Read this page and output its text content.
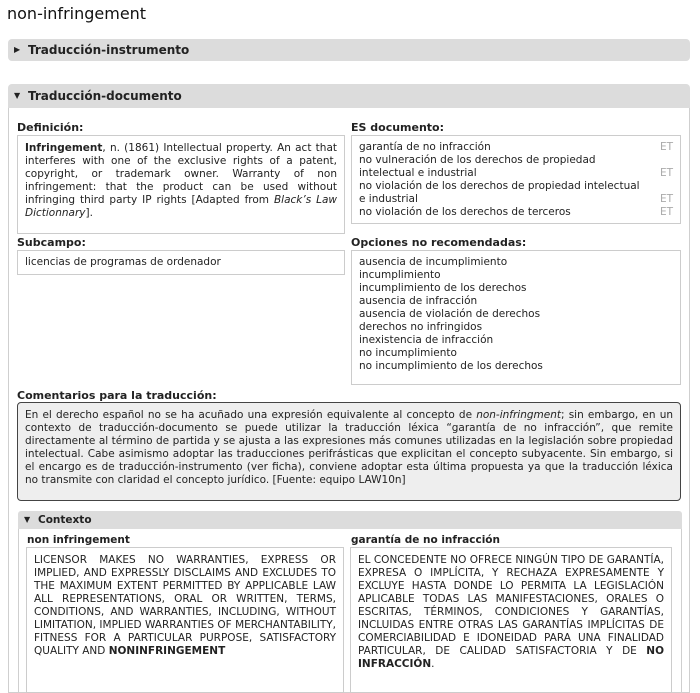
non-infringement
▶ Traducción-instrumento
▼ Traducción-documento
Definición:
Infringement, n. (1861) Intellectual property. An act that interferes with one of the exclusive rights of a patent, copyright, or trademark owner. Warranty of non infringement: that the product can be used without infringing third party IP rights [Adapted from Black’s Law Dictionnary].
ES documento:
garantía de no infracción	ET
no vulneración de los derechos de propiedad intelectual e industrial	ET
no violación de los derechos de propiedad intelectual e industrial	ET
no violación de los derechos de terceros	ET
Subcampo:
licencias de programas de ordenador
Opciones no recomendadas:
ausencia de incumplimiento
incumplimiento
incumplimiento de los derechos
ausencia de infracción
ausencia de violación de derechos
derechos no infringidos
inexistencia de infracción
no incumplimiento
no incumplimiento de los derechos
Comentarios para la traducción:
En el derecho español no se ha acuñado una expresión equivalente al concepto de non-infringment; sin embargo, en un contexto de traducción-documento se puede utilizar la traducción léxica “garantía de no infracción”, que remite directamente al término de partida y se ajusta a las expresiones más comunes utilizadas en la legislación sobre propiedad intelectual. Cabe asimismo adoptar las traducciones perifrásticas que explicitan el concepto subyacente. Sin embargo, si el encargo es de traducción-instrumento (ver ficha), conviene adoptar esta última propuesta ya que la traducción léxica no transmite con claridad el concepto jurídico. [Fuente: equipo LAW10n]
▼ Contexto
non infringement
LICENSOR MAKES NO WARRANTIES, EXPRESS OR IMPLIED, AND EXPRESSLY DISCLAIMS AND EXCLUDES TO THE MAXIMUM EXTENT PERMITTED BY APPLICABLE LAW ALL REPRESENTATIONS, ORAL OR WRITTEN, TERMS, CONDITIONS, AND WARRANTIES, INCLUDING, WITHOUT LIMITATION, IMPLIED WARRANTIES OF MERCHANTABILITY, FITNESS FOR A PARTICULAR PURPOSE, SATISFACTORY QUALITY AND NONINFRINGEMENT
garantía de no infracción
EL CONCEDENTE NO OFRECE NINGÚN TIPO DE GARANTÍA, EXPRESA O IMPLÍCITA, Y RECHAZA EXPRESAMENTE Y EXCLUYE HASTA DONDE LO PERMITA LA LEGISLACIÓN APLICABLE TODAS LAS MANIFESTACIONES, ORALES O ESCRITAS, TÉRMINOS, CONDICIONES Y GARANTÍAS, INCLUIDAS ENTRE OTRAS LAS GARANTÍAS IMPLÍCITAS DE COMERCIABILIDAD E IDONEIDAD PARA UNA FINALIDAD PARTICULAR, DE CALIDAD SATISFACTORIA Y DE NO INFRACCIÓN.
